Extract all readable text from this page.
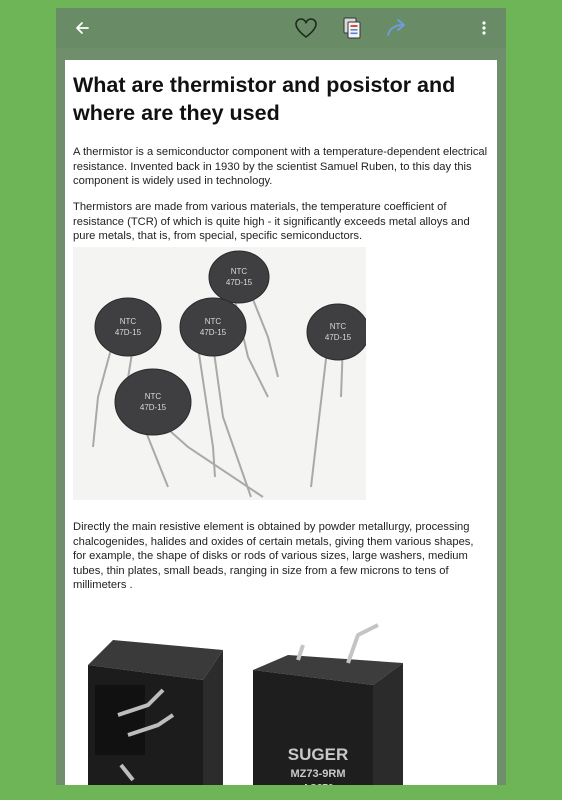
What are thermistor and posistor and where are they used

A thermistor is a semiconductor component with a temperature-dependent electrical resistance. Invented back in 1930 by the scientist Samuel Ruben, to this day this component is widely used in technology.

Thermistors are made from various materials, the temperature coefficient of resistance (TCR) of which is quite high - it significantly exceeds metal alloys and pure metals, that is, from special, specific semiconductors.

NTC
47D-15
NTC
47D-15
NTC
47D-15
NTC
47D-15
NTC
47D-15

Directly the main resistive element is obtained by powder metallurgy, processing chalcogenides, halides and oxides of certain metals, giving them various shapes, for example, the shape of disks or rods of various sizes, large washers, medium tubes, thin plates, small beads, ranging in size from a few microns to tens of millimeters .

SUGER
MZ73-9RM
AC270
